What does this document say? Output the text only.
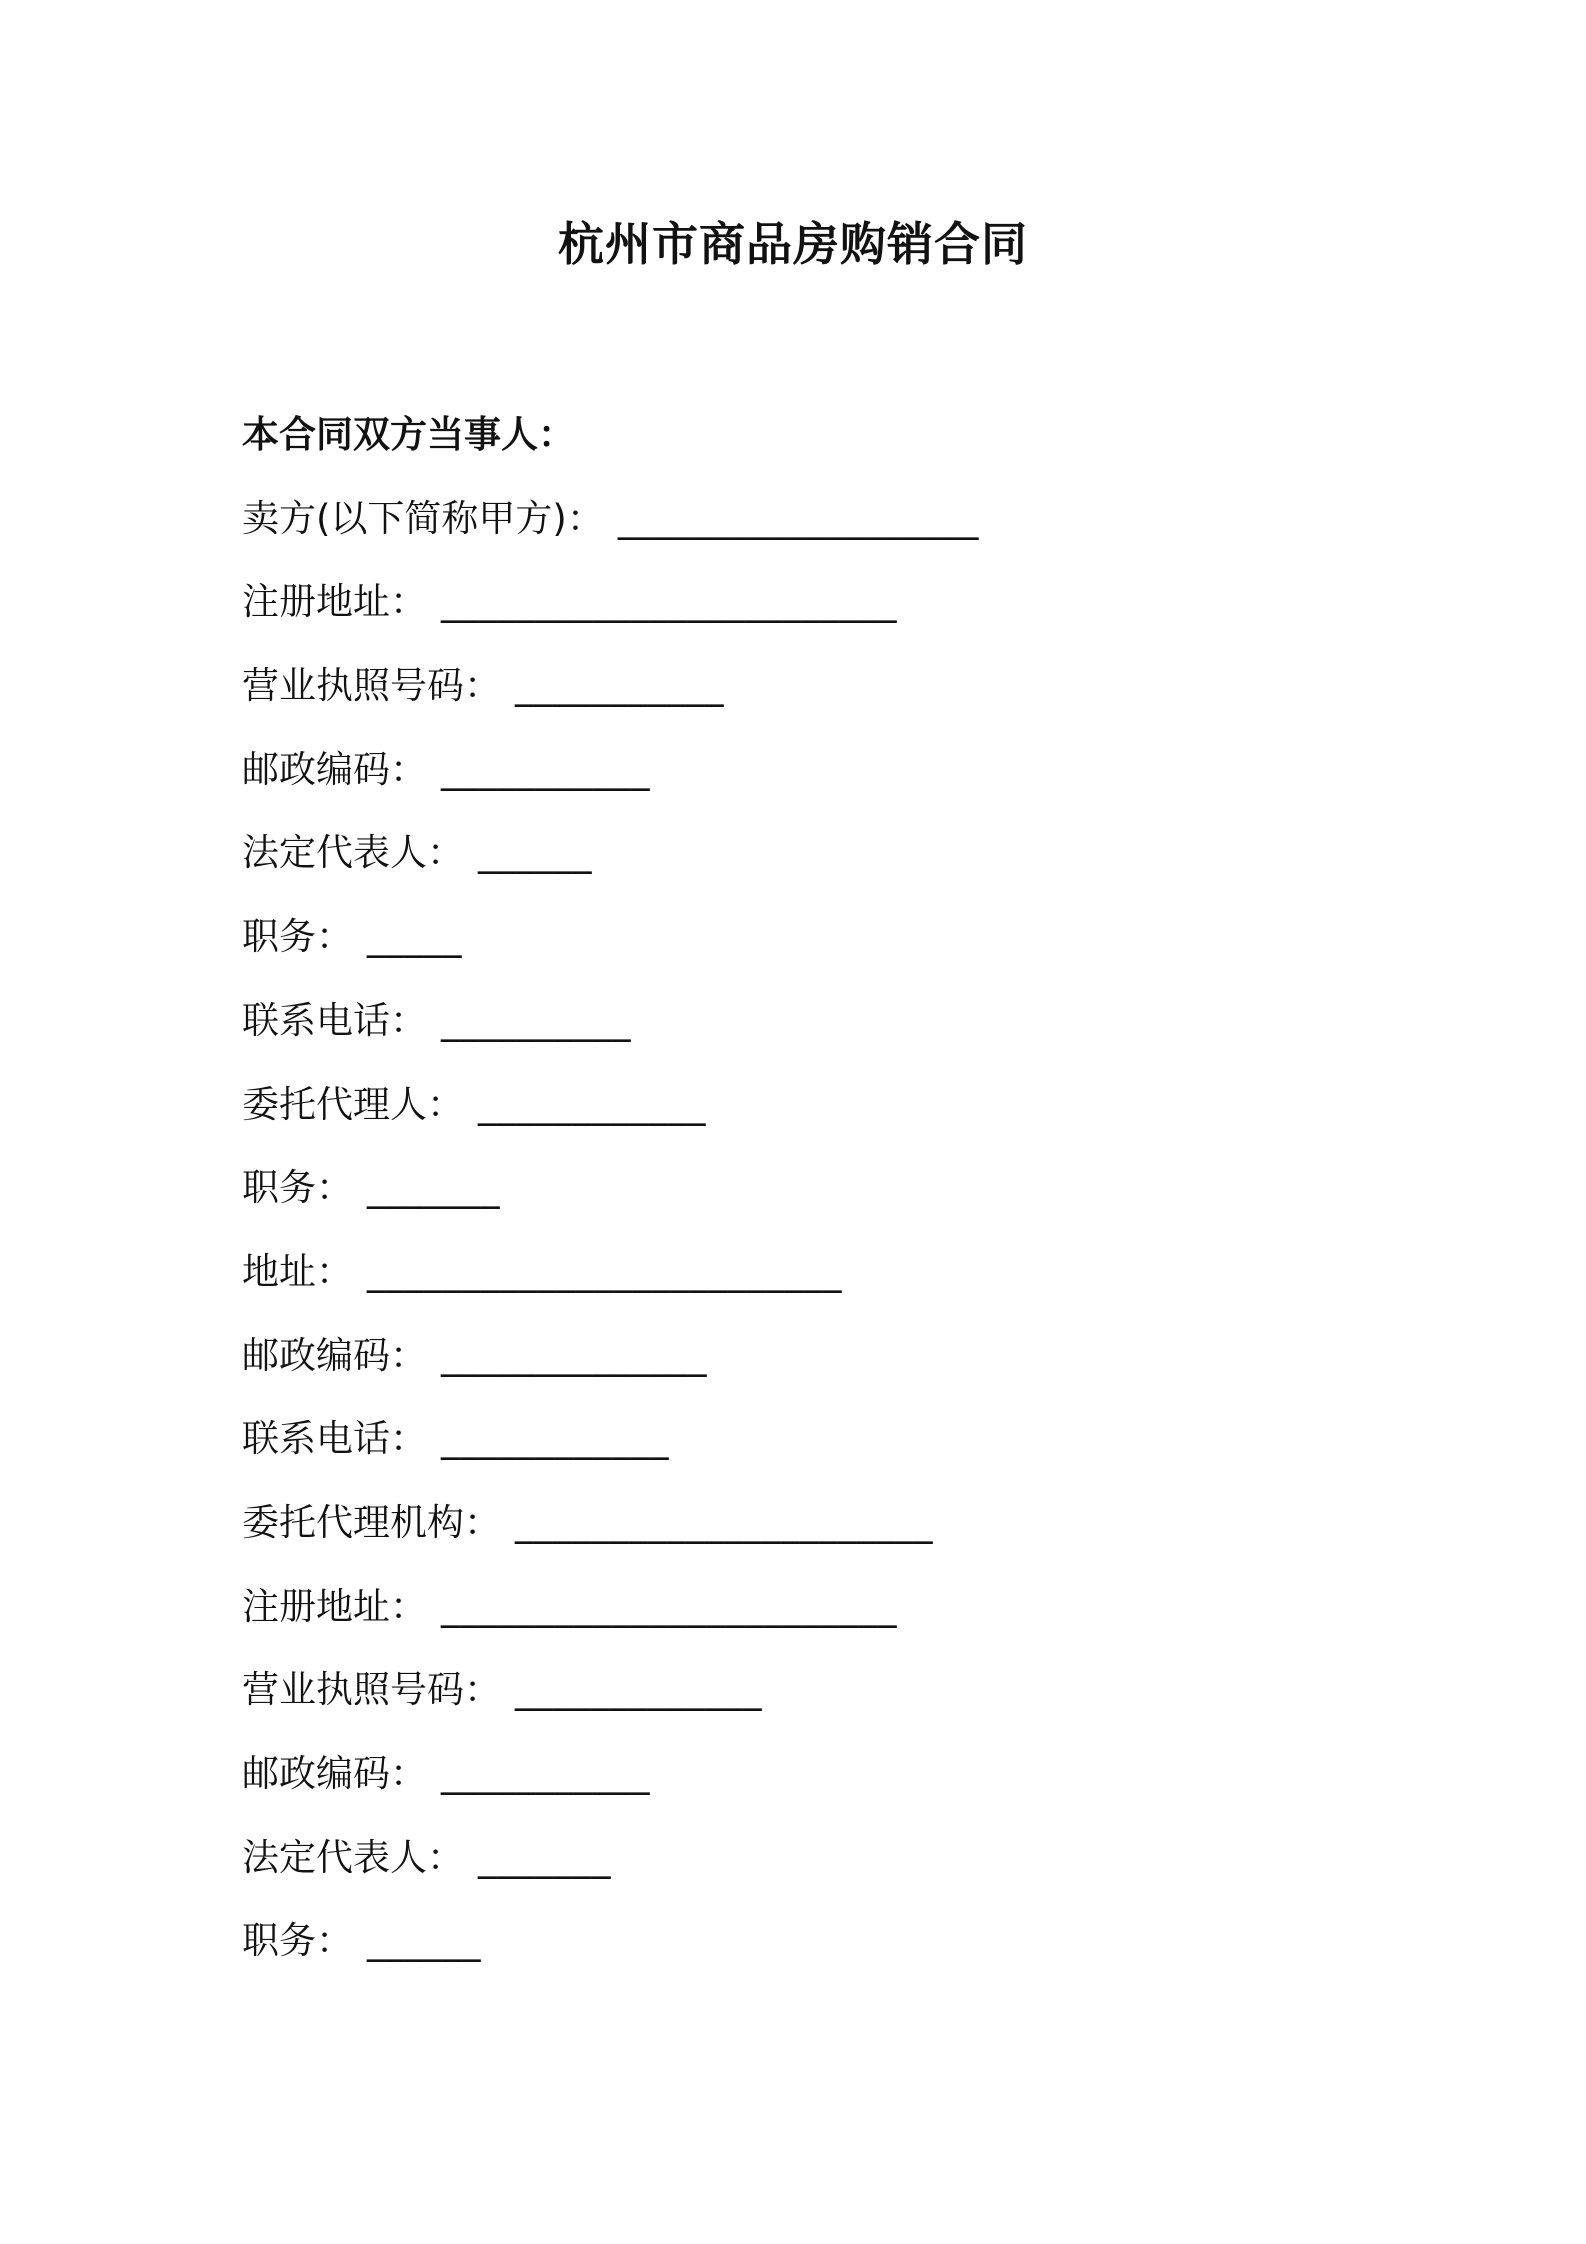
杭州市商品房购销合同
本合同双方当事人：
卖方(以下简称甲方)： ___________________
注册地址： ________________________
营业执照号码： ___________
邮政编码： ___________
法定代表人： ______
职务： _____
联系电话： __________
委托代理人： ____________
职务： _______
地址： _________________________
邮政编码： ______________
联系电话： ____________
委托代理机构： ______________________
注册地址： ________________________
营业执照号码： _____________
邮政编码： ___________
法定代表人： _______
职务： ______
